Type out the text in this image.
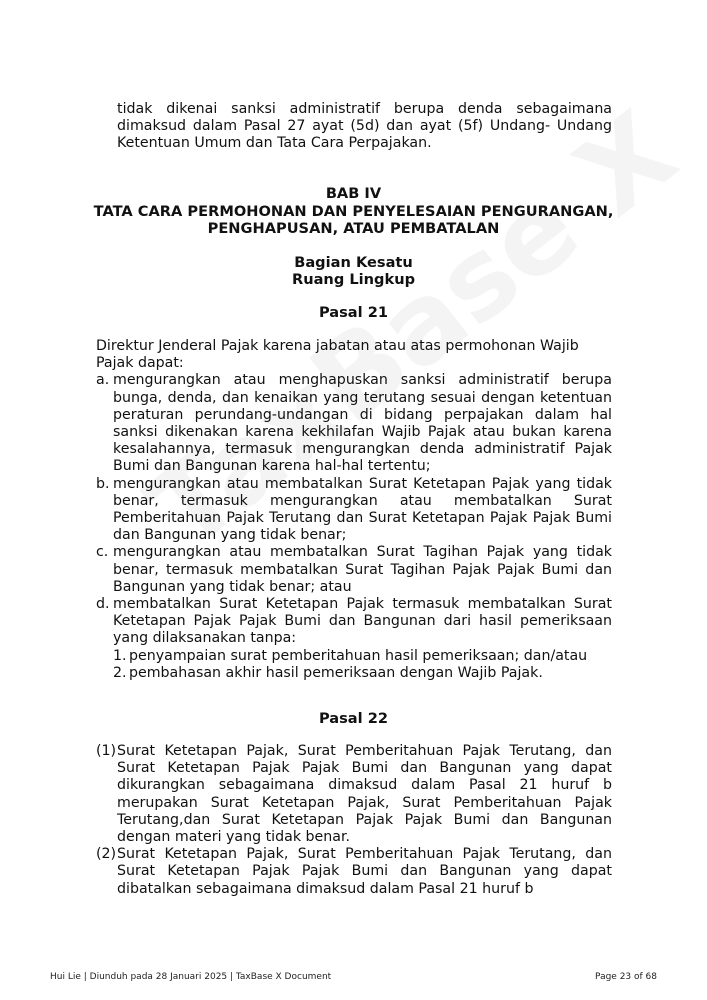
tidak dikenai sanksi administratif berupa denda sebagaimana dimaksud dalam Pasal 27 ayat (5d) dan ayat (5f) Undang- Undang Ketentuan Umum dan Tata Cara Perpajakan.

BAB IV
TATA CARA PERMOHONAN DAN PENYELESAIAN PENGURANGAN,
PENGHAPUSAN, ATAU PEMBATALAN
Bagian Kesatu
Ruang Lingkup
Pasal 21

Direktur Jenderal Pajak karena jabatan atau atas permohonan Wajib Pajak dapat:

a. mengurangkan atau menghapuskan sanksi administratif berupa bunga, denda, dan kenaikan yang terutang sesuai dengan ketentuan peraturan perundang-undangan di bidang perpajakan dalam hal sanksi dikenakan karena kekhilafan Wajib Pajak atau bukan karena kesalahannya, termasuk mengurangkan denda administratif Pajak Bumi dan Bangunan karena hal-hal tertentu;
b. mengurangkan atau membatalkan Surat Ketetapan Pajak yang tidak benar, termasuk mengurangkan atau membatalkan Surat Pemberitahuan Pajak Terutang dan Surat Ketetapan Pajak Pajak Bumi dan Bangunan yang tidak benar;
c. mengurangkan atau membatalkan Surat Tagihan Pajak yang tidak benar, termasuk membatalkan Surat Tagihan Pajak Pajak Bumi dan Bangunan yang tidak benar; atau
d. membatalkan Surat Ketetapan Pajak termasuk membatalkan Surat Ketetapan Pajak Pajak Bumi dan Bangunan dari hasil pemeriksaan yang dilaksanakan tanpa:
1. penyampaian surat pemberitahuan hasil pemeriksaan; dan/atau
2. pembahasan akhir hasil pemeriksaan dengan Wajib Pajak.
Pasal 22
(1) Surat Ketetapan Pajak, Surat Pemberitahuan Pajak Terutang, dan Surat Ketetapan Pajak Pajak Bumi dan Bangunan yang dapat dikurangkan sebagaimana dimaksud dalam Pasal 21 huruf b merupakan Surat Ketetapan Pajak, Surat Pemberitahuan Pajak Terutang,dan Surat Ketetapan Pajak Pajak Bumi dan Bangunan dengan materi yang tidak benar.
(2) Surat Ketetapan Pajak, Surat Pemberitahuan Pajak Terutang, dan Surat Ketetapan Pajak Pajak Bumi dan Bangunan yang dapat dibatalkan sebagaimana dimaksud dalam Pasal 21 huruf b
Hui Lie | Diunduh pada 28 Januari 2025 | TaxBase X Document	Page 23 of 68
